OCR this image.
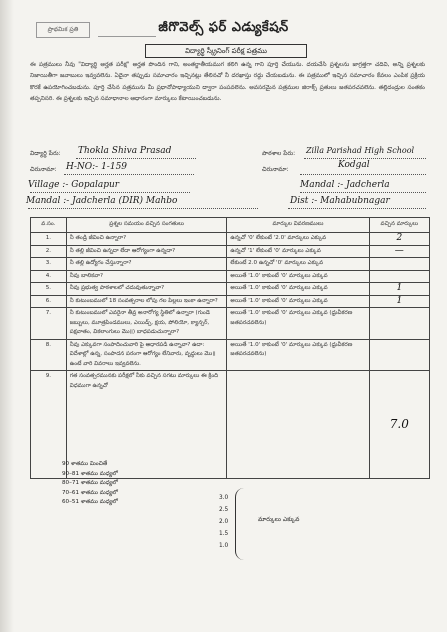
ప్రాథమిక ప్రతి	జీగొవెల్స్ ఫర్ ఎడ్యుకేషన్
విద్యార్థి స్క్రీనింగ్ పరీక్ష పత్రము
ఈ పత్రములు నీవు "విద్యార్థి అర్హత పరీక్ష" అర్హత పొందిన గాని, అంతర్జాతీయముగ కలిగి ఉన్న గాని పూర్తి చేయును. దయచేసి ప్రశ్నలను జాగ్రత్తగా చదివి, అన్ని ప్రశ్నలకు నిజాయితీగా జవాబులు ఇవ్వవలెను. ఏదైనా తప్పుడు సమాచారం ఇచ్చినట్లు తేలినచో నీ దరఖాస్తు రద్దు చేయబడును. ఈ పత్రములో ఇచ్చిన సమాచారం కేవలం ఎంపిక ప్రక్రియ కొరకే ఉపయోగించబడును. పూర్తి చేసిన పత్రమును మీ ప్రధానోపాధ్యాయుని ద్వారా పంపవలెను. అవసరమైన పత్రముల జిరాక్స్ ప్రతులు జతపరచవలెను. తల్లిదండ్రుల సంతకం తప్పనిసరి. ఈ ప్రశ్నలకు ఇచ్చిన సమాధానాల ఆధారంగా మార్కులు కేటాయించబడును.
విద్యార్థి పేరు: Thokla Shiva Prasad	పాఠశాల పేరు: Zilla Parishad High School
చిరునామా: H-NO:- 1-159	చిరునామా:	Kodgal
Village :- Gopalapur	Mandal :- Jadcherla
Mandal :- Jadcherla (DIR) Mahbo	Dist :- Mahabubnagar
వ.సం.	ప్రశ్నల సమయం వచ్చిన సంగతులు	మార్కుల వివరణములు	వచ్చిన మార్కులు
1.	నీ తండ్రి జీవించి ఉన్నారా?	ఉన్నచో '0' లేకుంటే '2.0' మార్కులు ఎక్కువ	2
2.	నీ తల్లి జీవించి ఉన్నదా లేదా ఆరోగ్యంగా ఉన్నదా?	ఉన్నచో '1' లేకుంటే '0' మార్కులు ఎక్కువ	—
3.	నీ తల్లి ఉద్యోగం చేస్తున్నారా?	లేకుంటే 2.0 ఉన్నచో '0' మార్కులు ఎక్కువ	
4.	నీవు బాలికవా?	అయితే '1.0' కాకుంటే '0' మార్కులు ఎక్కువ	
5.	నీవు ప్రభుత్వ పాఠశాలలో చదువుతున్నావా?	అయితే '1.0' కాకుంటే '0' మార్కులు ఎక్కువ	1
6.	నీ కుటుంబములో 18 సంవత్సరాల లోపు గల పిల్లలు ఇంకా ఉన్నారా?	అయితే '1.0' కాకుంటే '0' మార్కులు ఎక్కువ	1
7.	నీ కుటుంబములో ఎవరైనా తీవ్ర అనారోగ్య స్థితిలో ఉన్నారా (గుండె జబ్బులు, మూత్రపిండములు, ఎయిడ్స్, క్షయ, పోలియో, క్యాన్సర్, పక్షవాతం, వికలాంగులు మొ॥) బాధపడుచున్నారా?	అయితే '1.0' కాకుంటే '0' మార్కులు ఎక్కువ (ధ్రువీకరణ జతపరచవలెను)	
8.	నీవు ఎక్కువగా సంపాదించువారి పై ఆధారపడి ఉన్నావా? ఉదా: విదేశాల్లో ఉన్న, సంపాదన పరంగా ఆరోగ్యం లేనివారు, వృద్ధులు మొ॥ ఉంటే వారి వివరాలు ఇవ్వవలెను.	అయితే '1.0' కాకుంటే '0' మార్కులు ఎక్కువ (ధ్రువీకరణ జతపరచవలెను)	
9.	గత సంవత్సరమునకు పరీక్షలో నీకు వచ్చిన సగటు మార్కులు ఈ క్రింది విధముగా ఉన్నచో		7.0
90 శాతము మించితే
90–81 శాతము మధ్యలో
80–71 శాతము మధ్యలో
70–61 శాతము మధ్యలో
60–51 శాతము మధ్యలో
3.0
2.5
2.0
1.5
1.0
మార్కులు ఎక్కువ
